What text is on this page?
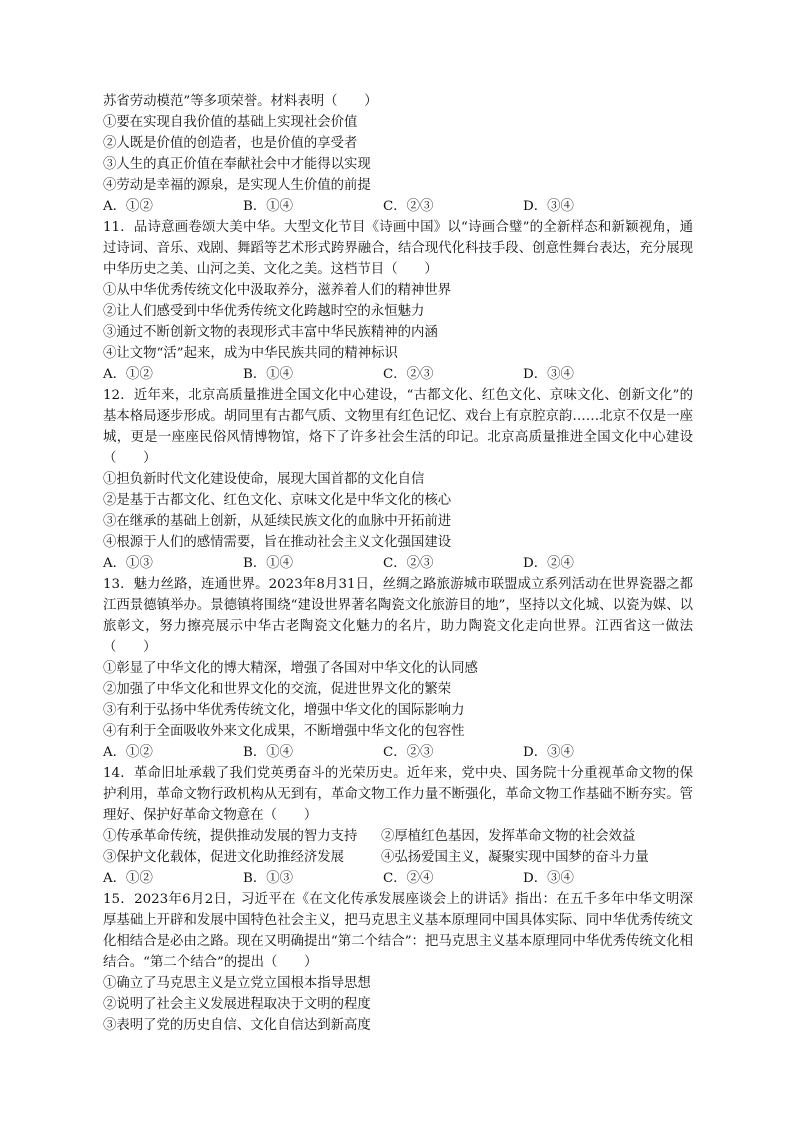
苏省劳动模范”等多项荣誉。材料表明（　　）
①要在实现自我价值的基础上实现社会价值
②人既是价值的创造者，也是价值的享受者
③人生的真正价值在奉献社会中才能得以实现
④劳动是幸福的源泉，是实现人生价值的前提
A．①②	B．①④	C．②③	D．③④
11．品诗意画卷颂大美中华。大型文化节目《诗画中国》以“诗画合璧”的全新样态和新颖视角，通过诗词、音乐、戏剧、舞蹈等艺术形式跨界融合，结合现代化科技手段、创意性舞台表达，充分展现中华历史之美、山河之美、文化之美。这档节目（　　）
①从中华优秀传统文化中汲取养分，滋养着人们的精神世界
②让人们感受到中华优秀传统文化跨越时空的永恒魅力
③通过不断创新文物的表现形式丰富中华民族精神的内涵
④让文物“活”起来，成为中华民族共同的精神标识
A．①②	B．①④	C．②③	D．③④
12．近年来，北京高质量推进全国文化中心建设，“古都文化、红色文化、京味文化、创新文化”的基本格局逐步形成。胡同里有古都气质、文物里有红色记忆、戏台上有京腔京韵……北京不仅是一座城，更是一座座民俗风情博物馆，烙下了许多社会生活的印记。北京高质量推进全国文化中心建设（　　）
①担负新时代文化建设使命，展现大国首都的文化自信
②是基于古都文化、红色文化、京味文化是中华文化的核心
③在继承的基础上创新，从延续民族文化的血脉中开拓前进
④根源于人们的感情需要，旨在推动社会主义文化强国建设
A．①③	B．①④	C．②③	D．②④
13．魅力丝路，连通世界。2023年8月31日，丝绸之路旅游城市联盟成立系列活动在世界瓷器之都江西景德镇举办。景德镇将围绕“建设世界著名陶瓷文化旅游目的地”，坚持以文化城、以瓷为媒、以旅彰文，努力擦亮展示中华古老陶瓷文化魅力的名片，助力陶瓷文化走向世界。江西省这一做法（　　）
①彰显了中华文化的博大精深，增强了各国对中华文化的认同感
②加强了中华文化和世界文化的交流，促进世界文化的繁荣
③有利于弘扬中华优秀传统文化，增强中华文化的国际影响力
④有利于全面吸收外来文化成果，不断增强中华文化的包容性
A．①②	B．①④	C．②③	D．③④
14．革命旧址承载了我们党英勇奋斗的光荣历史。近年来，党中央、国务院十分重视革命文物的保护利用，革命文物行政机构从无到有，革命文物工作力量不断强化，革命文物工作基础不断夯实。管理好、保护好革命文物意在（　　）
①传承革命传统，提供推动发展的智力支持	②厚植红色基因，发挥革命文物的社会效益
③保护文化载体，促进文化助推经济发展	④弘扬爱国主义，凝聚实现中国梦的奋斗力量
A．①②	B．①③	C．②④	D．③④
15．2023年6月2日，习近平在《在文化传承发展座谈会上的讲话》指出：在五千多年中华文明深厚基础上开辟和发展中国特色社会主义，把马克思主义基本原理同中国具体实际、同中华优秀传统文化相结合是必由之路。现在又明确提出“第二个结合”：把马克思主义基本原理同中华优秀传统文化相结合。“第二个结合”的提出（　　）
①确立了马克思主义是立党立国根本指导思想
②说明了社会主义发展进程取决于文明的程度
③表明了党的历史自信、文化自信达到新高度
